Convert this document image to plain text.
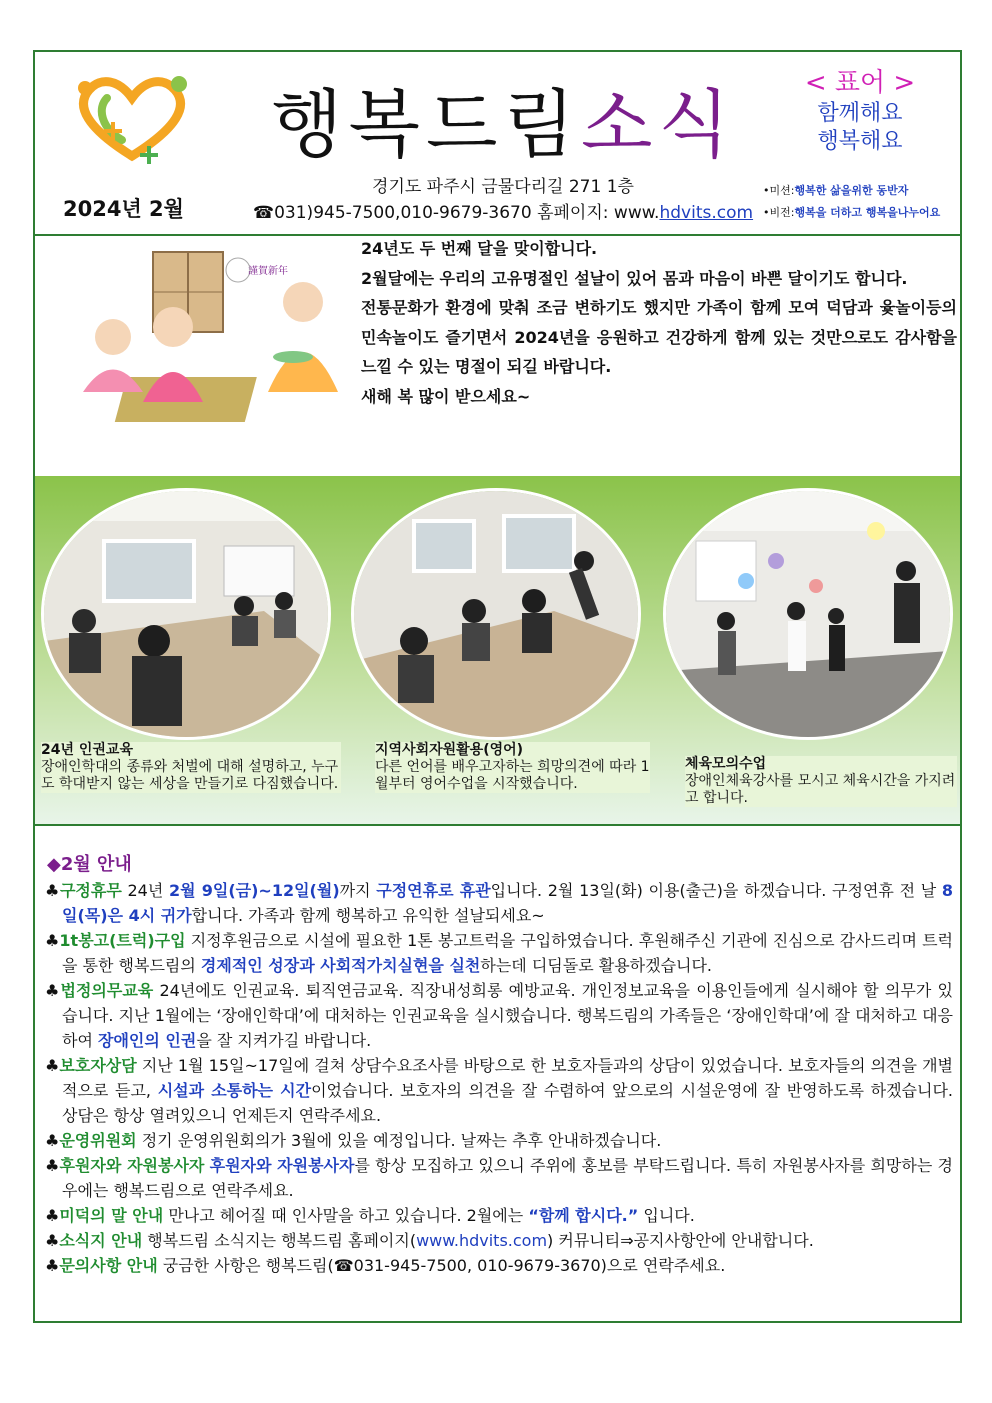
행복드림소식	< 표어 >
함께해요
행복해요
2024년 2월
경기도 파주시 금물다리길 271 1층
☎031)945-7500,010-9679-3670 홈페이지: www.hdvits.com
•미션:행복한 삶을위한 동반자
•비전:행복을 더하고 행복을나누어요
謹賀新年

24년도 두 번째 달을 맞이합니다.

2월달에는 우리의 고유명절인 설날이 있어 몸과 마음이 바쁜 달이기도 합니다.

전통문화가 환경에 맞춰 조금 변하기도 했지만 가족이 함께 모여 덕담과 윷놀이등의 민속놀이도 즐기면서 2024년을 응원하고 건강하게 함께 있는 것만으로도 감사함을 느낄 수 있는 명절이 되길 바랍니다.

새해 복 많이 받으세요~

24년 인권교육
장애인학대의 종류와 처벌에 대해 설명하고, 누구도 학대받지 않는 세상을 만들기로 다짐했습니다.
지역사회자원활용(영어)
다른 언어를 배우고자하는 희망의견에 따라 1월부터 영어수업을 시작했습니다.
체육모의수업
장애인체육강사를 모시고 체육시간을 가지려고 합니다.
◆2월 안내
♣구정휴무 24년 2월 9일(금)~12일(월)까지 구정연휴로 휴관입니다. 2월 13일(화) 이용(출근)을 하겠습니다. 구정연휴 전 날 8일(목)은 4시 귀가합니다. 가족과 함께 행복하고 유익한 설날되세요~
♣1t봉고(트럭)구입 지정후원금으로 시설에 필요한 1톤 봉고트럭을 구입하였습니다. 후원해주신 기관에 진심으로 감사드리며 트럭을 통한 행복드림의 경제적인 성장과 사회적가치실현을 실천하는데 디딤돌로 활용하겠습니다.
♣법정의무교육 24년에도 인권교육. 퇴직연금교육. 직장내성희롱 예방교육. 개인정보교육을 이용인들에게 실시해야 할 의무가 있습니다. 지난 1월에는 ‘장애인학대’에 대처하는 인권교육을 실시했습니다. 행복드림의 가족들은 ‘장애인학대’에 잘 대처하고 대응하여 장애인의 인권을 잘 지켜가길 바랍니다.
♣보호자상담 지난 1월 15일~17일에 걸쳐 상담수요조사를 바탕으로 한 보호자들과의 상담이 있었습니다. 보호자들의 의견을 개별적으로 듣고, 시설과 소통하는 시간이었습니다. 보호자의 의견을 잘 수렴하여 앞으로의 시설운영에 잘 반영하도록 하겠습니다. 상담은 항상 열려있으니 언제든지 연락주세요.
♣운영위원회 정기 운영위원회의가 3월에 있을 예정입니다. 날짜는 추후 안내하겠습니다.
♣후원자와 자원봉사자 후원자와 자원봉사자를 항상 모집하고 있으니 주위에 홍보를 부탁드립니다. 특히 자원봉사자를 희망하는 경우에는 행복드림으로 연락주세요.
♣미덕의 말 안내 만나고 헤어질 때 인사말을 하고 있습니다. 2월에는 “함께 합시다.” 입니다.
♣소식지 안내 행복드림 소식지는 행복드림 홈페이지(www.hdvits.com) 커뮤니티⇒공지사항안에 안내합니다.
♣문의사항 안내 궁금한 사항은 행복드림(☎031-945-7500, 010-9679-3670)으로 연락주세요.
